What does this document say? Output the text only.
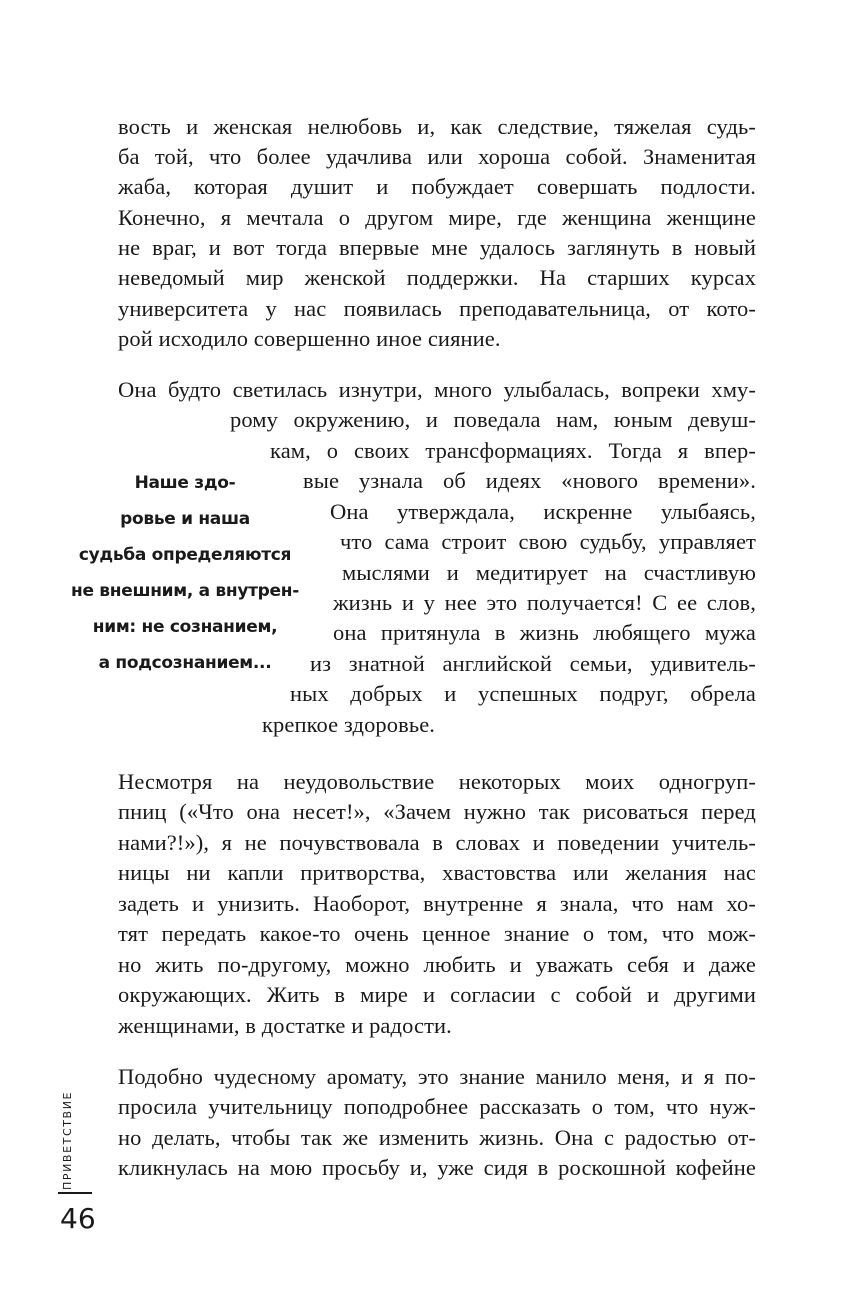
вость и женская нелюбовь и, как следствие, тяжелая судь-
ба той, что более удачлива или хороша собой. Знаменитая
жаба, которая душит и побуждает совершать подлости.
Конечно, я мечтала о другом мире, где женщина женщине
не враг, и вот тогда впервые мне удалось заглянуть в новый
неведомый мир женской поддержки. На старших курсах
университета у нас появилась преподавательница, от кото-
рой исходило совершенно иное сияние.
Она будто светилась изнутри, много улыбалась, вопреки хму-
рому окружению, и поведала нам, юным девуш-
кам, о своих трансформациях. Тогда я впер-
вые узнала об идеях «нового времени».
Она утверждала, искренне улыбаясь,
что сама строит свою судьбу, управляет
мыслями и медитирует на счастливую
жизнь и у нее это получается! С ее слов,
она притянула в жизнь любящего мужа
из знатной английской семьи, удивитель-
ных добрых и успешных подруг, обрела
крепкое здоровье.
Наше здо-
ровье и наша
судьба определяются
не внешним, а внутрен-
ним: не сознанием,
а подсознанием...
Несмотря на неудовольствие некоторых моих одногруп-
пниц («Что она несет!», «Зачем нужно так рисоваться перед
нами?!»), я не почувствовала в словах и поведении учитель-
ницы ни капли притворства, хвастовства или желания нас
задеть и унизить. Наоборот, внутренне я знала, что нам хо-
тят передать какое-то очень ценное знание о том, что мож-
но жить по-другому, можно любить и уважать себя и даже
окружающих. Жить в мире и согласии с собой и другими
женщинами, в достатке и радости.
Подобно чудесному аромату, это знание манило меня, и я по-
просила учительницу поподробнее рассказать о том, что нуж-
но делать, чтобы так же изменить жизнь. Она с радостью от-
кликнулась на мою просьбу и, уже сидя в роскошной кофейне
ПРИВЕТСТВИЕ
46
